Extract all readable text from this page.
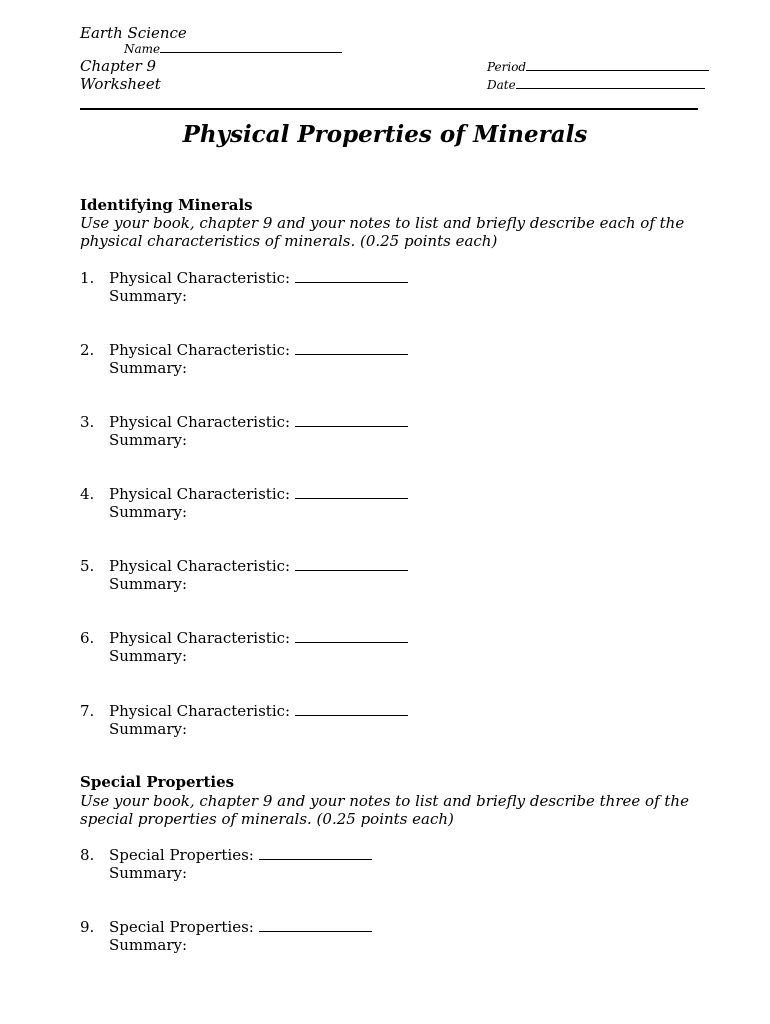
Earth Science
Name
Chapter 9
Worksheet
Period
Date
Physical Properties of Minerals
Identifying Minerals
Use your book, chapter 9 and your notes to list and briefly describe each of the physical characteristics of minerals. (0.25 points each)
1. Physical Characteristic:
Summary:
2. Physical Characteristic:
Summary:
3. Physical Characteristic:
Summary:
4. Physical Characteristic:
Summary:
5. Physical Characteristic:
Summary:
6. Physical Characteristic:
Summary:
7. Physical Characteristic:
Summary:
Special Properties
Use your book, chapter 9 and your notes to list and briefly describe three of the special properties of minerals. (0.25 points each)
8. Special Properties:
Summary:
9. Special Properties:
Summary:
